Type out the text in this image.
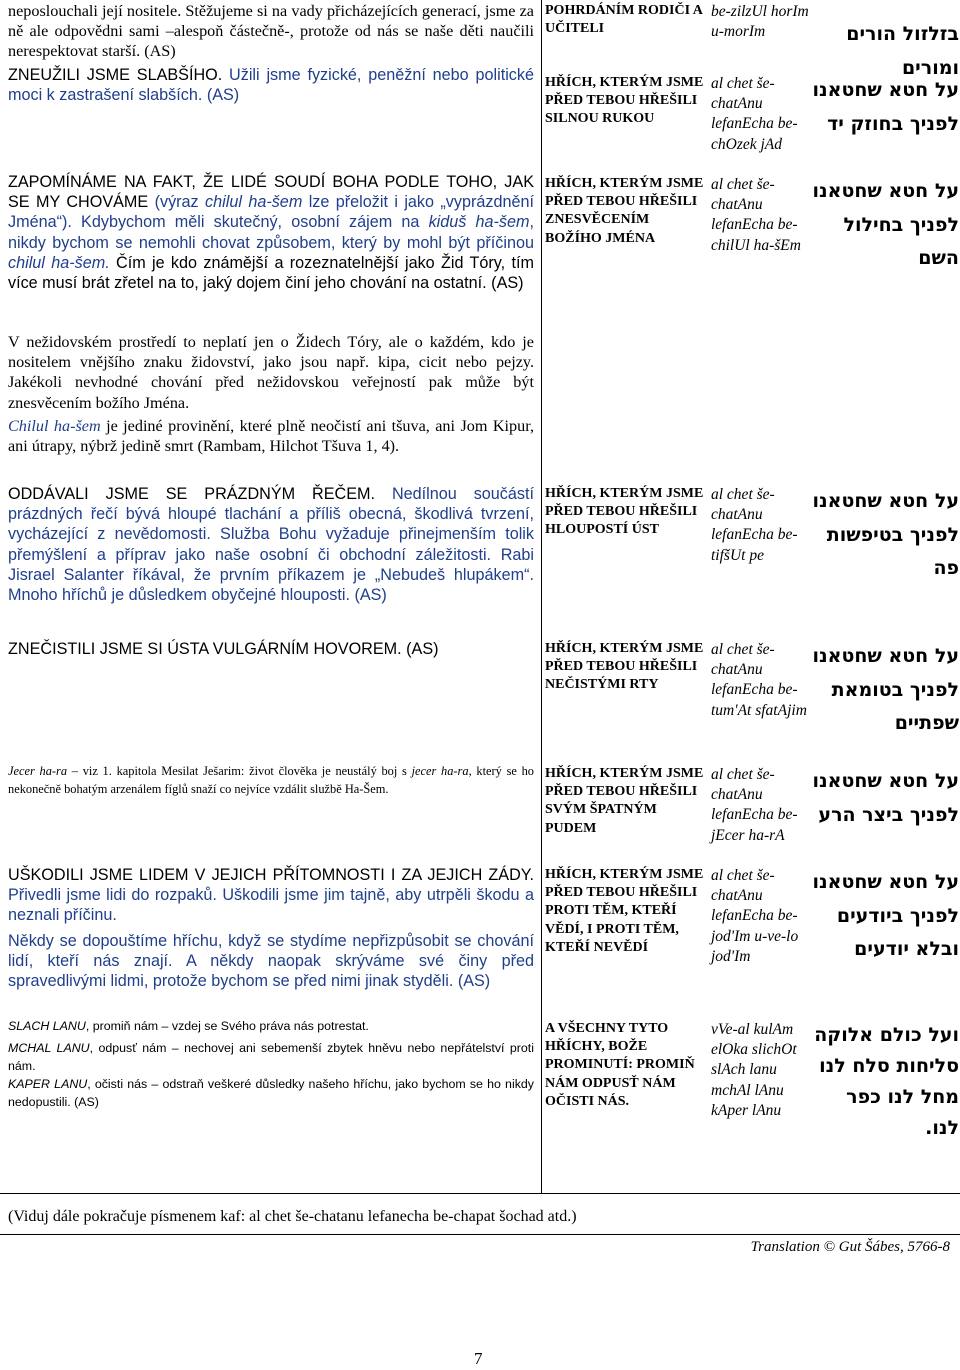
neposlouchali její nositele. Stěžujeme si na vady přicházejících generací, jsme za ně ale odpovědni sami –alespoň částečně-, protože od nás se naše děti naučili nerespektovat starší. (AS)
ZNEUŽILI JSME SLABŠÍHO. Užili jsme fyzické, peněžní nebo politické moci k zastrašení slabších. (AS)
ZAPOMÍNÁME NA FAKT, ŽE LIDÉ SOUDÍ BOHA PODLE TOHO, JAK SE MY CHOVÁME (výraz chilul ha-šem lze přeložit i jako „vyprázdnění Jména“). Kdybychom měli skutečný, osobní zájem na kiduš ha-šem, nikdy bychom se nemohli chovat způsobem, který by mohl být příčinou chilul ha-šem. Čím je kdo známější a rozeznatelnější jako Žid Tóry, tím více musí brát zřetel na to, jaký dojem činí jeho chování na ostatní. (AS)
V nežidovském prostředí to neplatí jen o Židech Tóry, ale o každém, kdo je nositelem vnějšího znaku židovství, jako jsou např. kipa, cicit nebo pejzy. Jakékoli nevhodné chování před nežidovskou veřejností pak může být znesvěcením božího Jména.
Chilul ha-šem je jediné provinění, které plně neočistí ani tšuva, ani Jom Kipur, ani útrapy, nýbrž jedině smrt (Rambam, Hilchot Tšuva 1, 4).
ODDÁVALI JSME SE PRÁZDNÝM ŘEČEM. Nedílnou součástí prázdných řečí bývá hloupé tlachání a příliš obecná, škodlivá tvrzení, vycházející z nevědomosti. Služba Bohu vyžaduje přinejmenším tolik přemýšlení a příprav jako naše osobní či obchodní záležitosti. Rabi Jisrael Salanter říkával, že prvním příkazem je „Nebudeš hlupákem“. Mnoho hříchů je důsledkem obyčejné hlouposti. (AS)
ZNEČISTILI JSME SI ÚSTA VULGÁRNÍM HOVOREM. (AS)
Jecer ha-ra – viz 1. kapitola Mesilat Ješarim: život člověka je neustálý boj s jecer ha-ra, který se ho nekonečně bohatým arzenálem fíglů snaží co nejvíce vzdálit službě Ha-Šem.
UŠKODILI JSME LIDEM V JEJICH PŘÍTOMNOSTI I ZA JEJICH ZÁDY. Přivedli jsme lidi do rozpaků. Uškodili jsme jim tajně, aby utrpěli škodu a neznali příčinu.
Někdy se dopouštíme hříchu, když se stydíme nepřizpůsobit se chování lidí, kteří nás znají. A někdy naopak skrýváme své činy před spravedlivými lidmi, protože bychom se před nimi jinak styděli. (AS)
SLACH LANU, promiň nám – vzdej se Svého práva nás potrestat.
MCHAL LANU, odpusť nám – nechovej ani sebemenší zbytek hněvu nebo nepřátelství proti nám.
KAPER LANU, očisti nás – odstraň veškeré důsledky našeho hříchu, jako bychom se ho nikdy nedopustili. (AS)
POHRDÁNÍM RODIČI A UČITELI
be-zilzUl horIm u-morIm	בזלזול הורים ומורים
HŘÍCH, KTERÝM JSME PŘED TEBOU HŘEŠILI SILNOU RUKOU
al chet še-chatAnu lefanEcha be-chOzek jAd
על חטא שחטאנו לפניך בחוזק יד
HŘÍCH, KTERÝM JSME PŘED TEBOU HŘEŠILI ZNESVĚCENÍM BOŽÍHO JMÉNA
al chet še-chatAnu lefanEcha be-chilUl ha-šEm
על חטא שחטאנו לפניך בחילול השם
HŘÍCH, KTERÝM JSME PŘED TEBOU HŘEŠILI HLOUPOSTÍ ÚST
al chet še-chatAnu lefanEcha be-tifšUt pe
על חטא שחטאנו לפניך בטיפשות פה
HŘÍCH, KTERÝM JSME PŘED TEBOU HŘEŠILI NEČISTÝMI RTY
al chet še-chatAnu lefanEcha be-tum'At sfatAjim
על חטא שחטאנו לפניך בטומאת שפתיים
HŘÍCH, KTERÝM JSME PŘED TEBOU HŘEŠILI SVÝM ŠPATNÝM PUDEM
al chet še-chatAnu lefanEcha be-jEcer ha-rA
על חטא שחטאנו לפניך ביצר הרע
HŘÍCH, KTERÝM JSME PŘED TEBOU HŘEŠILI PROTI TĚM, KTEŘÍ VĚDÍ, I PROTI TĚM, KTEŘÍ NEVĚDÍ
al chet še-chatAnu lefanEcha be-jod'Im u-ve-lo jod'Im
על חטא שחטאנו לפניך ביודעים ובלא יודעים
A VŠECHNY TYTO HŘÍCHY, BOŽE PROMINUTÍ: PROMIŇ NÁM ODPUSŤ NÁM OČISTI NÁS.
vVe-al kulAm elOka slichOt slAch lanu mchAl lAnu kAper lAnu
ועל כולם אלוקה סליחות סלח לנו מחל לנו כפר לנו.
(Viduj dále pokračuje písmenem kaf: al chet še-chatanu lefanecha be-chapat šochad atd.)
Translation © Gut Šábes, 5766-8
7
